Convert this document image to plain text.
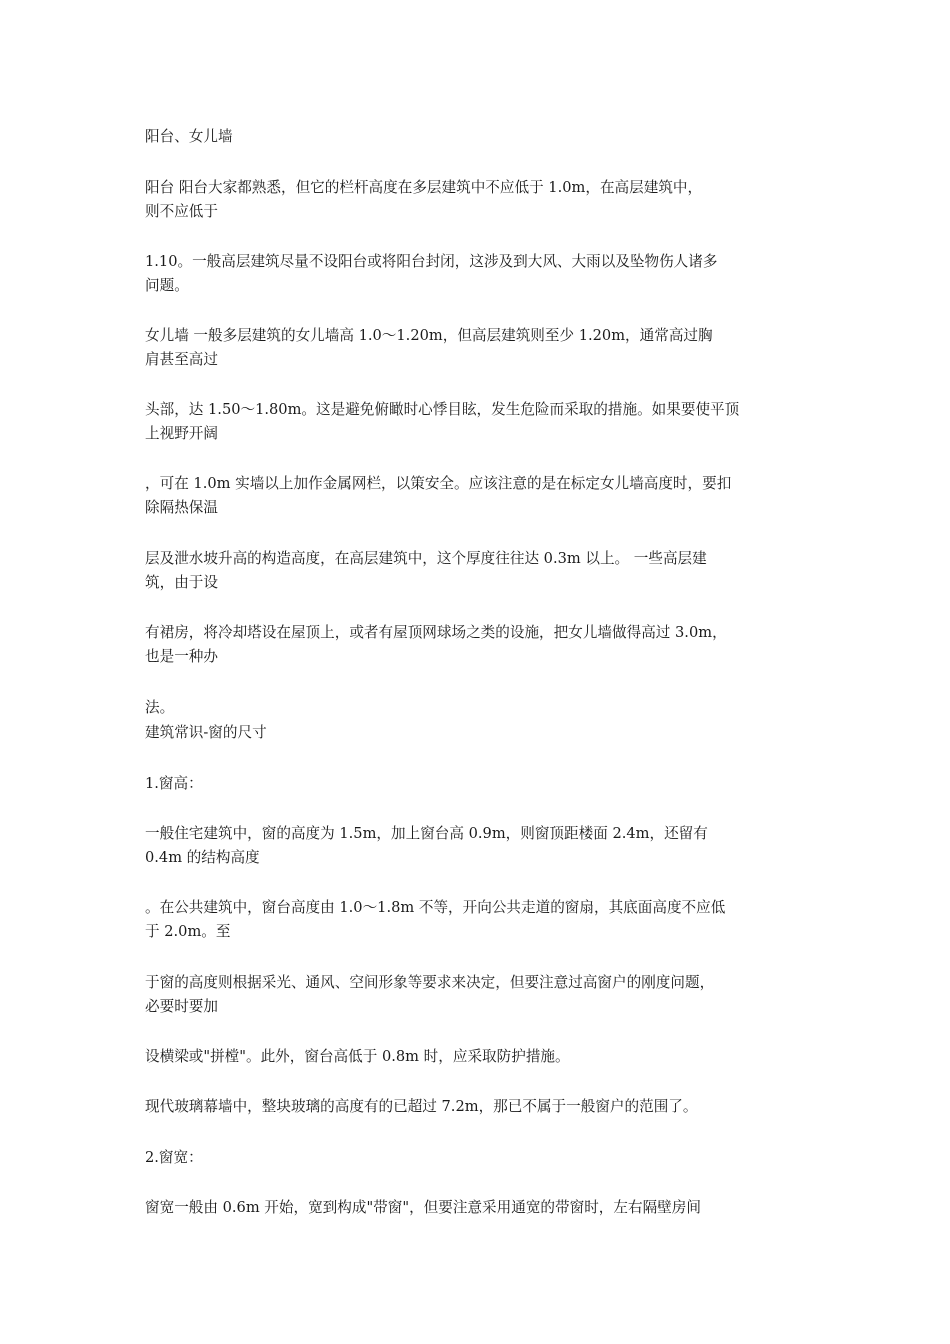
阳台、女儿墙
阳台 阳台大家都熟悉，但它的栏杆高度在多层建筑中不应低于 1.0m，在高层建筑中，
则不应低于
1.10。一般高层建筑尽量不设阳台或将阳台封闭，这涉及到大风、大雨以及坠物伤人诸多
问题。
女儿墙 一般多层建筑的女儿墙高 1.0～1.20m，但高层建筑则至少 1.20m，通常高过胸
肩甚至高过
头部，达 1.50～1.80m。这是避免俯瞰时心悸目眩，发生危险而采取的措施。如果要使平顶
上视野开阔
，可在 1.0m 实墙以上加作金属网栏，以策安全。应该注意的是在标定女儿墙高度时，要扣
除隔热保温
层及泄水坡升高的构造高度，在高层建筑中，这个厚度往往达 0.3m 以上。 一些高层建
筑，由于设
有裙房，将冷却塔设在屋顶上，或者有屋顶网球场之类的设施，把女儿墙做得高过 3.0m，
也是一种办
法。
建筑常识-窗的尺寸
1.窗高：
一般住宅建筑中，窗的高度为 1.5m，加上窗台高 0.9m，则窗顶距楼面 2.4m，还留有
0.4m 的结构高度
。在公共建筑中，窗台高度由 1.0～1.8m 不等，开向公共走道的窗扇，其底面高度不应低
于 2.0m。至
于窗的高度则根据采光、通风、空间形象等要求来决定，但要注意过高窗户的刚度问题，
必要时要加
设横梁或"拼樘"。此外，窗台高低于 0.8m 时，应采取防护措施。
现代玻璃幕墙中，整块玻璃的高度有的已超过 7.2m，那已不属于一般窗户的范围了。
2.窗宽：
窗宽一般由 0.6m 开始，宽到构成"带窗"，但要注意采用通宽的带窗时，左右隔壁房间
